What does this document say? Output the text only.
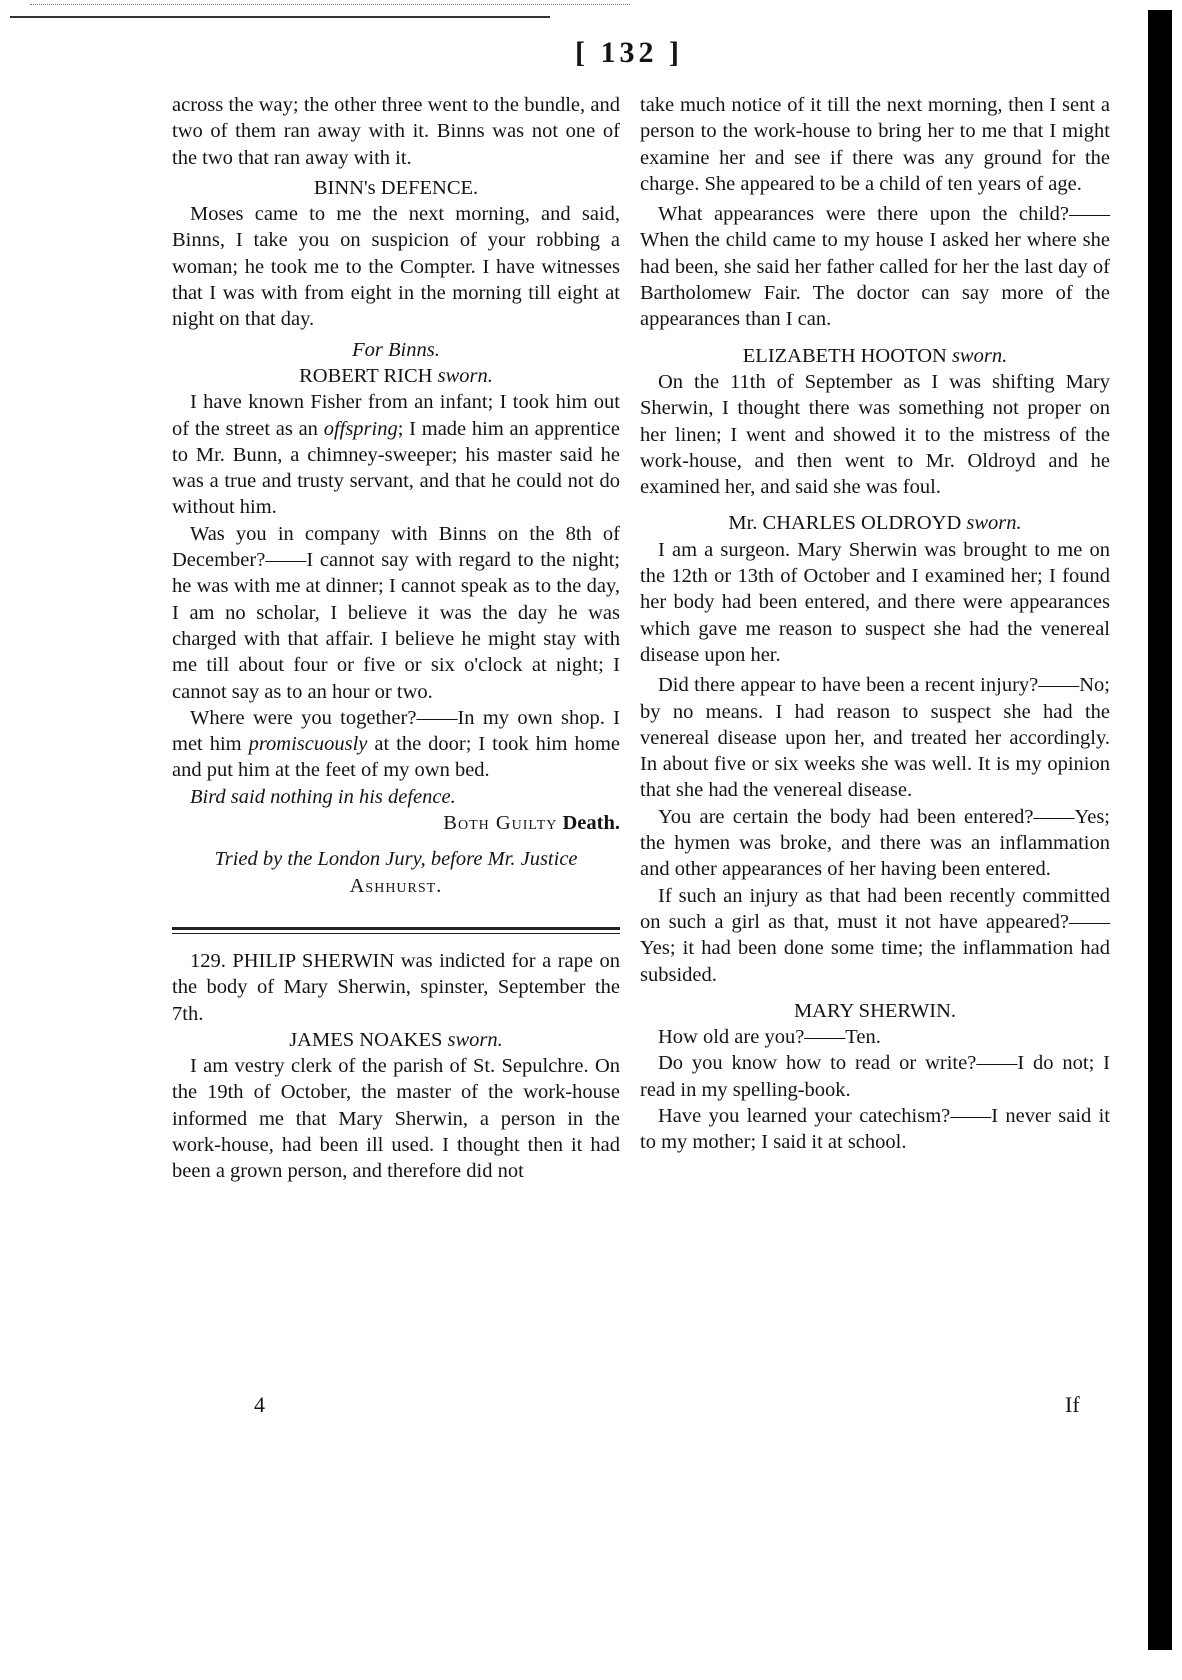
[ 132 ]

across the way; the other three went to the bundle, and two of them ran away with it. Binns was not one of the two that ran away with it.

BINN's DEFENCE.

Moses came to me the next morning, and said, Binns, I take you on suspicion of your robbing a woman; he took me to the Compter. I have witnesses that I was with from eight in the morning till eight at night on that day.

For Binns.

ROBERT RICH sworn.

I have known Fisher from an infant; I took him out of the street as an offspring; I made him an apprentice to Mr. Bunn, a chimney-sweeper; his master said he was a true and trusty servant, and that he could not do without him.

Was you in company with Binns on the 8th of December?——I cannot say with regard to the night; he was with me at dinner; I cannot speak as to the day, I am no scholar, I believe it was the day he was charged with that affair. I believe he might stay with me till about four or five or six o'clock at night; I cannot say as to an hour or two.

Where were you together?——In my own shop. I met him promiscuously at the door; I took him home and put him at the feet of my own bed.

Bird said nothing in his defence.

Both Guilty Death.

Tried by the London Jury, before Mr. Justice Ashhurst.

129. PHILIP SHERWIN was indicted for a rape on the body of Mary Sherwin, spinster, September the 7th.

JAMES NOAKES sworn.

I am vestry clerk of the parish of St. Sepulchre. On the 19th of October, the master of the work-house informed me that Mary Sherwin, a person in the work-house, had been ill used. I thought then it had been a grown person, and therefore did not

take much notice of it till the next morning, then I sent a person to the work-house to bring her to me that I might examine her and see if there was any ground for the charge. She appeared to be a child of ten years of age.

What appearances were there upon the child?——When the child came to my house I asked her where she had been, she said her father called for her the last day of Bartholomew Fair. The doctor can say more of the appearances than I can.

ELIZABETH HOOTON sworn.

On the 11th of September as I was shifting Mary Sherwin, I thought there was something not proper on her linen; I went and showed it to the mistress of the work-house, and then went to Mr. Oldroyd and he examined her, and said she was foul.

Mr. CHARLES OLDROYD sworn.

I am a surgeon. Mary Sherwin was brought to me on the 12th or 13th of October and I examined her; I found her body had been entered, and there were appearances which gave me reason to suspect she had the venereal disease upon her.

Did there appear to have been a recent injury?——No; by no means. I had reason to suspect she had the venereal disease upon her, and treated her accordingly. In about five or six weeks she was well. It is my opinion that she had the venereal disease.

You are certain the body had been entered?——Yes; the hymen was broke, and there was an inflammation and other appearances of her having been entered.

If such an injury as that had been recently committed on such a girl as that, must it not have appeared?——Yes; it had been done some time; the inflammation had subsided.

MARY SHERWIN.

How old are you?——Ten.

Do you know how to read or write?——I do not; I read in my spelling-book.

Have you learned your catechism?——I never said it to my mother; I said it at school.

4	If
